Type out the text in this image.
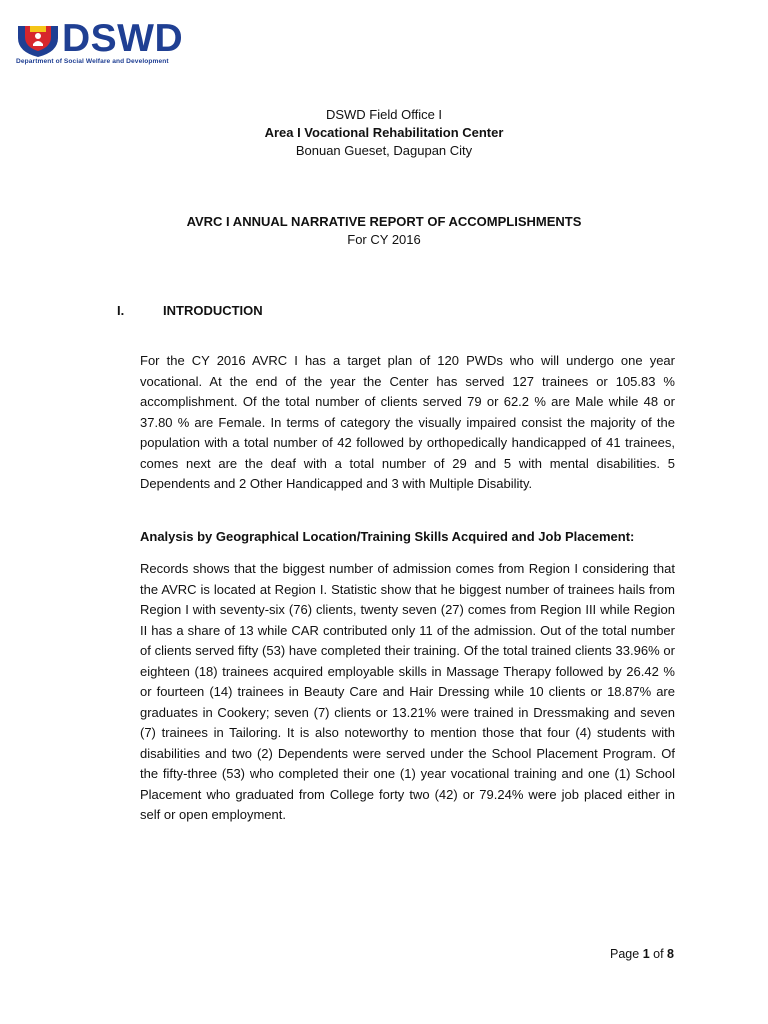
DSWD
Department of Social Welfare and Development
DSWD Field Office I
Area I Vocational Rehabilitation Center
Bonuan Gueset, Dagupan City
AVRC I ANNUAL NARRATIVE REPORT OF ACCOMPLISHMENTS
For CY 2016
I.	INTRODUCTION

For the CY 2016 AVRC I has a target plan of 120 PWDs who will undergo one year vocational. At the end of the year the Center has served 127 trainees or 105.83 % accomplishment. Of the total number of clients served 79 or 62.2 % are Male while 48 or 37.80 % are Female. In terms of category the visually impaired consist the majority of the population with a total number of 42 followed by orthopedically handicapped of 41 trainees, comes next are the deaf with a total number of 29 and 5 with mental disabilities. 5 Dependents and 2 Other Handicapped and 3 with Multiple Disability.

Analysis by Geographical Location/Training Skills Acquired and Job Placement:

Records shows that the biggest number of admission comes from Region I considering that the AVRC is located at Region I. Statistic show that he biggest number of trainees hails from Region I with seventy-six (76) clients, twenty seven (27) comes from Region III while Region II has a share of 13 while CAR contributed only 11 of the admission. Out of the total number of clients served fifty (53) have completed their training. Of the total trained clients 33.96% or eighteen (18) trainees acquired employable skills in Massage Therapy followed by 26.42 % or fourteen (14) trainees in Beauty Care and Hair Dressing while 10 clients or 18.87% are graduates in Cookery; seven (7) clients or 13.21% were trained in Dressmaking and seven (7) trainees in Tailoring. It is also noteworthy to mention those that four (4) students with disabilities and two (2) Dependents were served under the School Placement Program. Of the fifty-three (53) who completed their one (1) year vocational training and one (1) School Placement who graduated from College forty two (42) or 79.24% were job placed either in self or open employment.

Page 1 of 8
